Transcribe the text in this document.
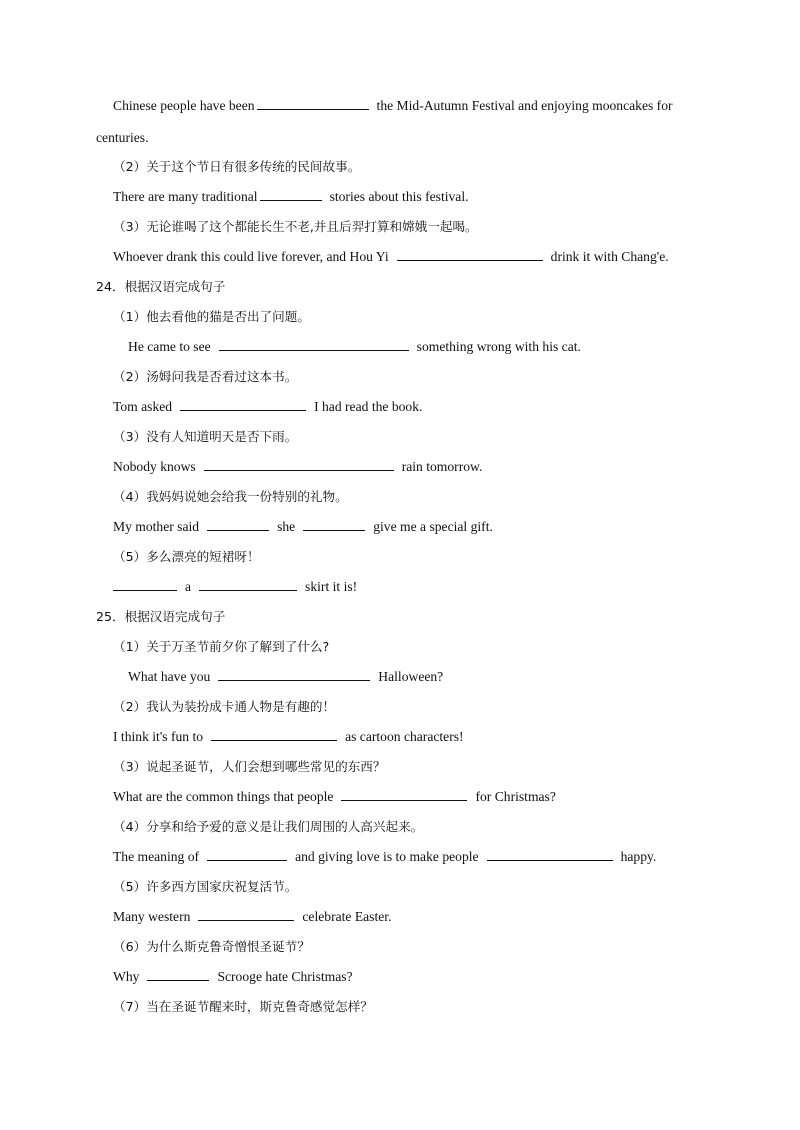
Chinese people have been	the Mid-Autumn Festival and enjoying mooncakes for
centuries.
（2）关于这个节日有很多传统的民间故事。
There are many traditional	stories about this festival.
（3）无论谁喝了这个都能长生不老,并且后羿打算和嫦娥一起喝。
Whoever drank this could live forever, and Hou Yi	drink it with Chang'e.
24．根据汉语完成句子
（1）他去看他的猫是否出了问题。
He came to see	something wrong with his cat.
（2）汤姆问我是否看过这本书。
Tom asked	I had read the book.
（3）没有人知道明天是否下雨。
Nobody knows	rain tomorrow.
（4）我妈妈说她会给我一份特别的礼物。
My mother said	she	give me a special gift.
（5）多么漂亮的短裙呀！
a	skirt it is!
25．根据汉语完成句子
（1）关于万圣节前夕你了解到了什么?
What have you	Halloween?
（2）我认为装扮成卡通人物是有趣的！
I think it's fun to	as cartoon characters!
（3）说起圣诞节，人们会想到哪些常见的东西？
What are the common things that people	for Christmas?
（4）分享和给予爱的意义是让我们周围的人高兴起来。
The meaning of	and giving love is to make people	happy.
（5）许多西方国家庆祝复活节。
Many western	celebrate Easter.
（6）为什么斯克鲁奇憎恨圣诞节？
Why	Scrooge hate Christmas?
（7）当在圣诞节醒来时，斯克鲁奇感觉怎样？
